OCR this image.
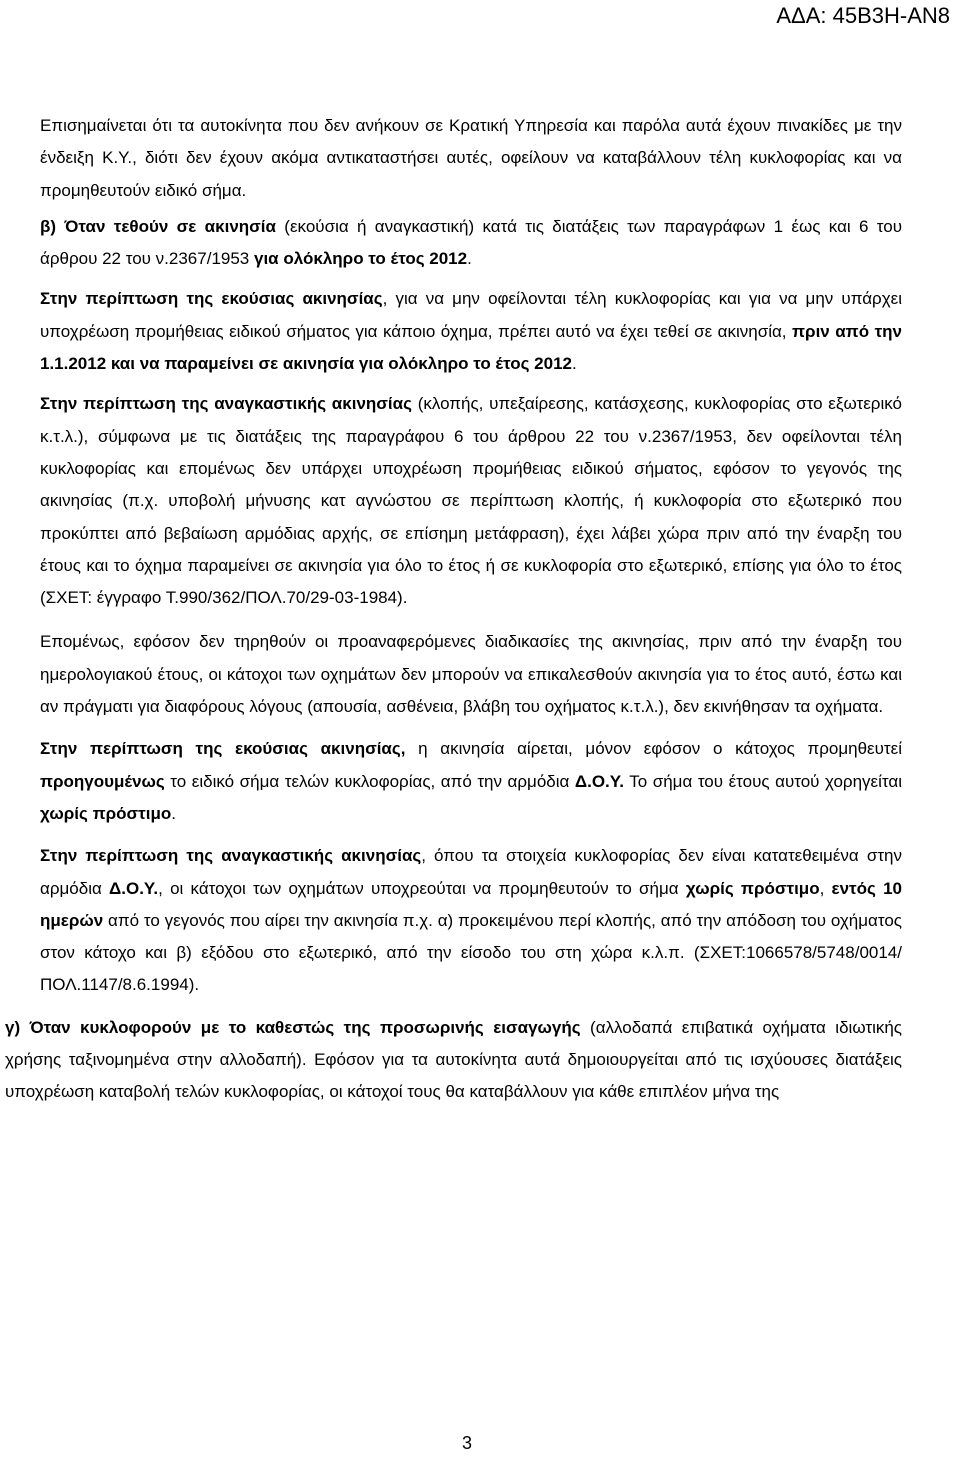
ΑΔΑ: 45Β3Η-ΑΝ8

Επισημαίνεται ότι τα αυτοκίνητα που δεν ανήκουν σε Κρατική Υπηρεσία και παρόλα αυτά έχουν πινακίδες με την ένδειξη Κ.Υ., διότι δεν έχουν ακόμα αντικαταστήσει αυτές, οφείλουν να καταβάλλουν τέλη κυκλοφορίας και να προμηθευτούν ειδικό σήμα.

β) Όταν τεθούν σε ακινησία (εκούσια ή αναγκαστική) κατά τις διατάξεις των παραγράφων 1 έως και 6 του άρθρου 22 του ν.2367/1953 για ολόκληρο το έτος 2012.

Στην περίπτωση της εκούσιας ακινησίας, για να μην οφείλονται τέλη κυκλοφορίας και για να μην υπάρχει υποχρέωση προμήθειας ειδικού σήματος για κάποιο όχημα, πρέπει αυτό να έχει τεθεί σε ακινησία, πριν από την 1.1.2012 και να παραμείνει σε ακινησία για ολόκληρο το έτος 2012.

Στην περίπτωση της αναγκαστικής ακινησίας (κλοπής, υπεξαίρεσης, κατάσχεσης, κυκλοφορίας στο εξωτερικό κ.τ.λ.), σύμφωνα με τις διατάξεις της παραγράφου 6 του άρθρου 22 του ν.2367/1953, δεν οφείλονται τέλη κυκλοφορίας και επομένως δεν υπάρχει υποχρέωση προμήθειας ειδικού σήματος, εφόσον το γεγονός της ακινησίας (π.χ. υποβολή μήνυσης κατ αγνώστου σε περίπτωση κλοπής, ή κυκλοφορία στο εξωτερικό που προκύπτει από βεβαίωση αρμόδιας αρχής, σε επίσημη μετάφραση), έχει λάβει χώρα πριν από την έναρξη του έτους και το όχημα παραμείνει σε ακινησία για όλο το έτος ή σε κυκλοφορία στο εξωτερικό, επίσης για όλο το έτος (ΣΧΕΤ: έγγραφο Τ.990/362/ΠΟΛ.70/29-03-1984).

Επομένως, εφόσον δεν τηρηθούν οι προαναφερόμενες διαδικασίες της ακινησίας, πριν από την έναρξη του ημερολογιακού έτους, οι κάτοχοι των οχημάτων δεν μπορούν να επικαλεσθούν ακινησία για το έτος αυτό, έστω και αν πράγματι για διαφόρους λόγους (απουσία, ασθένεια, βλάβη του οχήματος κ.τ.λ.), δεν εκινήθησαν τα οχήματα.

Στην περίπτωση της εκούσιας ακινησίας, η ακινησία αίρεται, μόνον εφόσον ο κάτοχος προμηθευτεί προηγουμένως το ειδικό σήμα τελών κυκλοφορίας, από την αρμόδια Δ.Ο.Υ. Το σήμα του έτους αυτού χορηγείται χωρίς πρόστιμο.

Στην περίπτωση της αναγκαστικής ακινησίας, όπου τα στοιχεία κυκλοφορίας δεν είναι κατατεθειμένα στην αρμόδια Δ.Ο.Υ., οι κάτοχοι των οχημάτων υποχρεούται να προμηθευτούν το σήμα χωρίς πρόστιμο, εντός 10 ημερών από το γεγονός που αίρει την ακινησία π.χ. α) προκειμένου περί κλοπής, από την απόδοση του οχήματος στον κάτοχο και β) εξόδου στο εξωτερικό, από την είσοδο του στη χώρα κ.λ.π. (ΣΧΕΤ:1066578/5748/0014/ΠΟΛ.1147/8.6.1994).

γ) Όταν κυκλοφορούν με το καθεστώς της προσωρινής εισαγωγής (αλλοδαπά επιβατικά οχήματα ιδιωτικής χρήσης ταξινομημένα στην αλλοδαπή). Εφόσον για τα αυτοκίνητα αυτά δημοιουργείται από τις ισχύουσες διατάξεις υποχρέωση καταβολή τελών κυκλοφορίας, οι κάτοχοί τους θα καταβάλλουν για κάθε επιπλέον μήνα της

3
